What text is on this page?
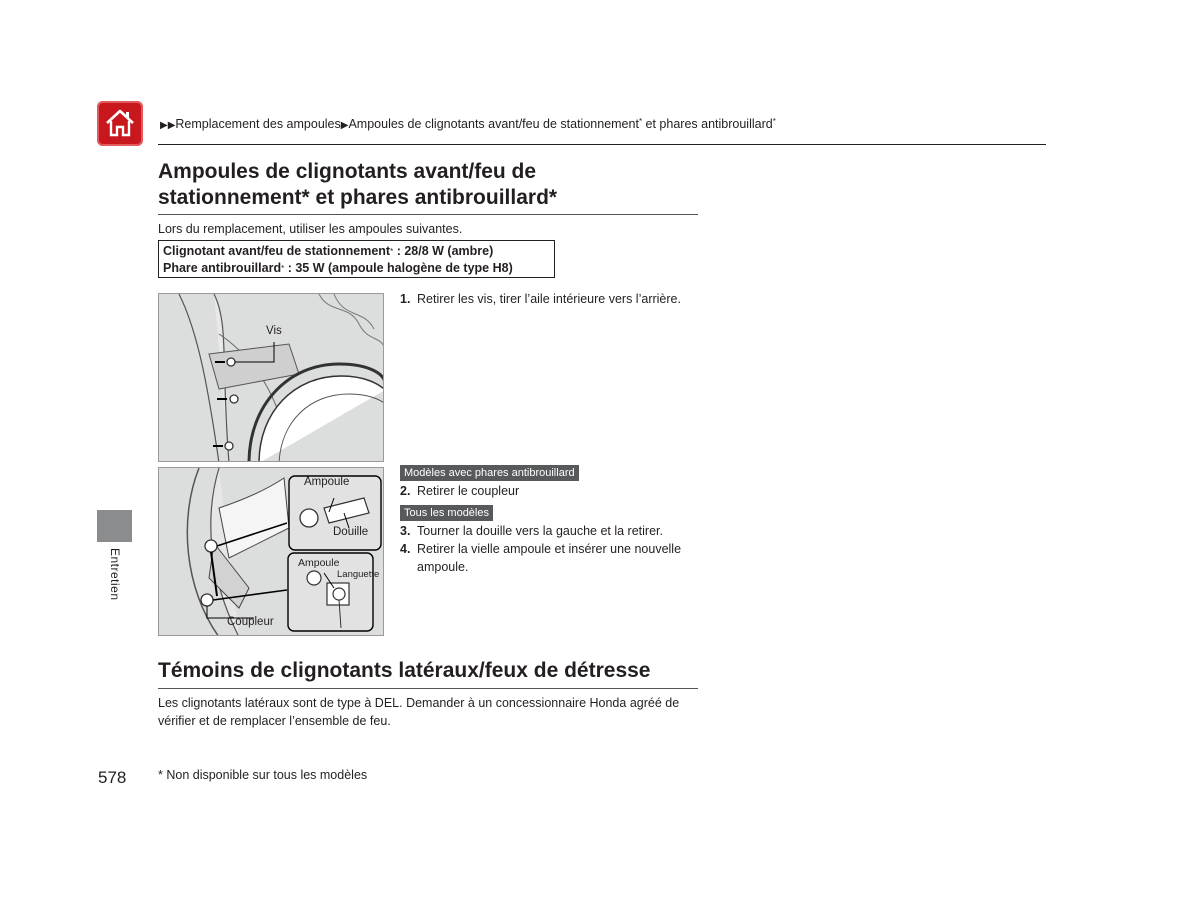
▶▶Remplacement des ampoules▶Ampoules de clignotants avant/feu de stationnement* et phares antibrouillard*
Ampoules de clignotants avant/feu de
stationnement* et phares antibrouillard*
Lors du remplacement, utiliser les ampoules suivantes.
Clignotant avant/feu de stationnement* : 28/8 W (ambre)
Phare antibrouillard* : 35 W (ampoule halogène de type H8)
Vis
1. Retirer les vis, tirer l’aile intérieure vers l’arrière.
Ampoule
Douille
Ampoule
Languette
Coupleur
Modèles avec phares antibrouillard
2. Retirer le coupleur
Tous les modèles
3. Tourner la douille vers la gauche et la retirer.
4. Retirer la vielle ampoule et insérer une nouvelle
ampoule.
Entretien
Témoins de clignotants latéraux/feux de détresse
Les clignotants latéraux sont de type à DEL. Demander à un concessionnaire Honda agréé de
vérifier et de remplacer l’ensemble de feu.
578	* Non disponible sur tous les modèles
